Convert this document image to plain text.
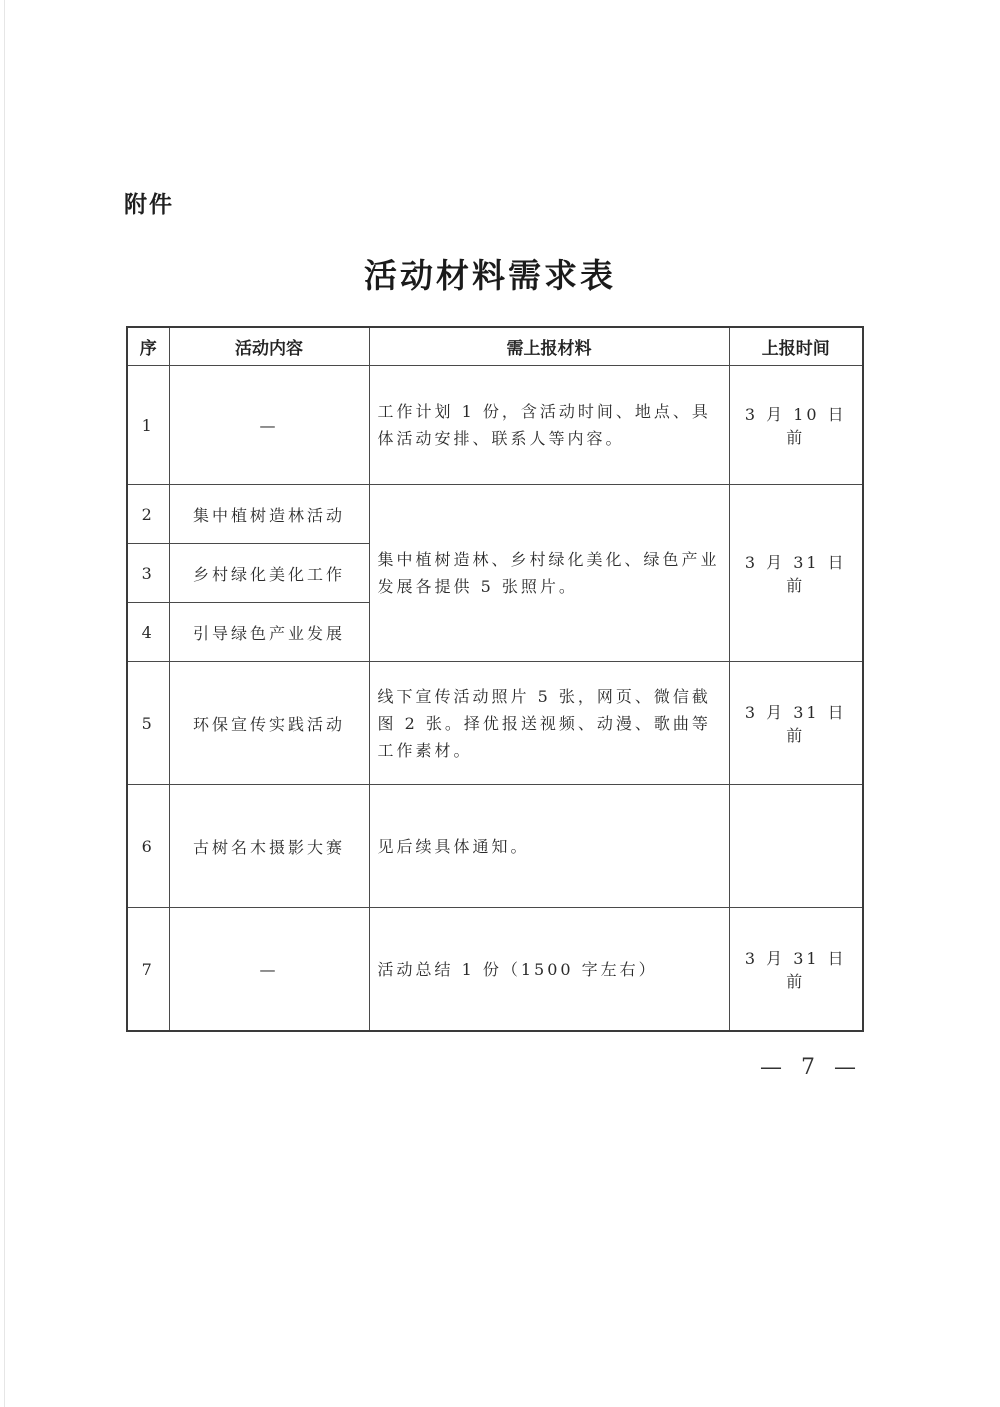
附件
活动材料需求表
序	活动内容	需上报材料	上报时间
1	—	工作计划 1 份，含活动时间、地点、具体活动安排、联系人等内容。	3 月 10 日前
2	集中植树造林活动	集中植树造林、乡村绿化美化、绿色产业发展各提供 5 张照片。	3 月 31 日前
3	乡村绿化美化工作		
4	引导绿色产业发展		
5	环保宣传实践活动	线下宣传活动照片 5 张，网页、微信截图 2 张。择优报送视频、动漫、歌曲等工作素材。	3 月 31 日前
6	古树名木摄影大赛	见后续具体通知。	
7	—	活动总结 1 份（1500 字左右）	3 月 31 日前
— 7 —
